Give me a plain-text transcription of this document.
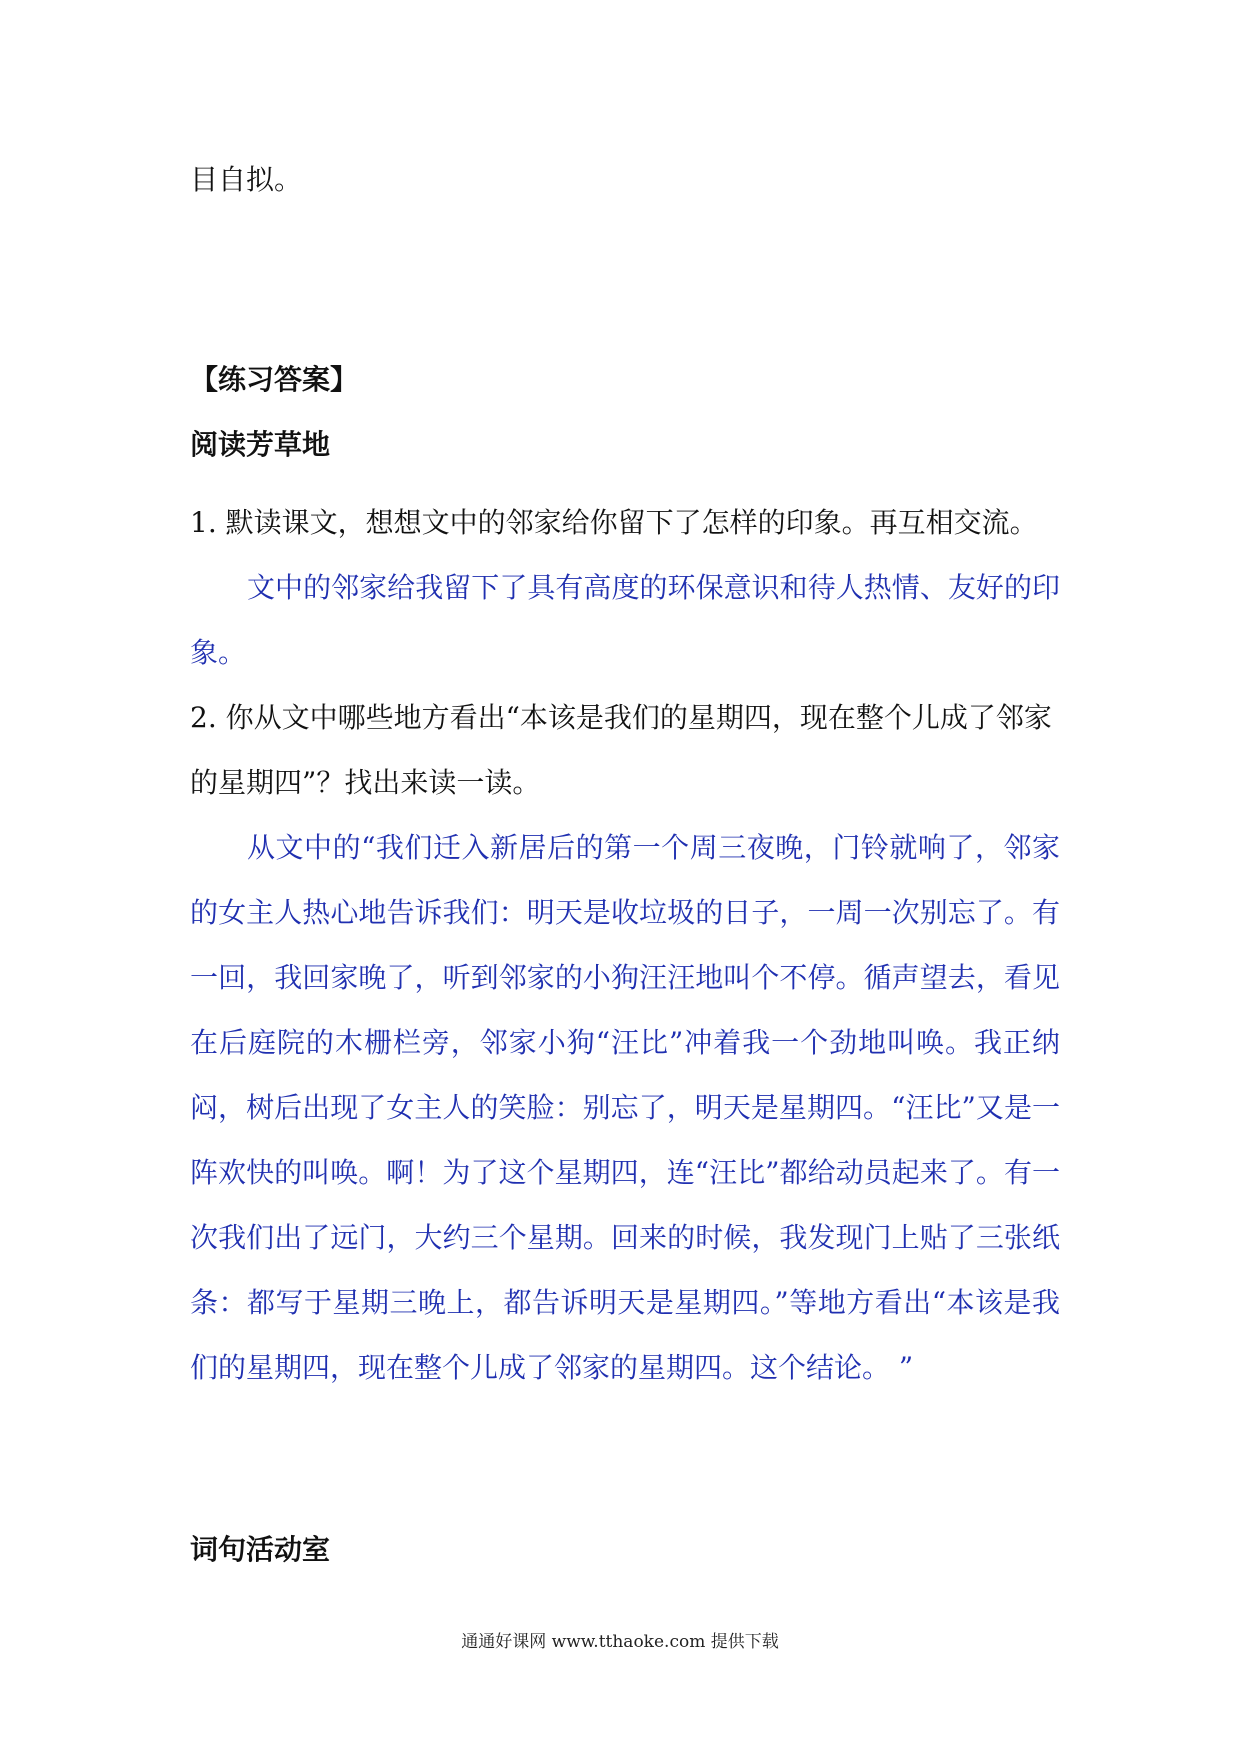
目自拟。

【练习答案】
阅读芳草地

1. 默读课文，想想文中的邻家给你留下了怎样的印象。再互相交流。

文中的邻家给我留下了具有高度的环保意识和待人热情、友好的印象。

2. 你从文中哪些地方看出“本该是我们的星期四，现在整个儿成了邻家的星期四”？找出来读一读。

从文中的“我们迁入新居后的第一个周三夜晚，门铃就响了，邻家的女主人热心地告诉我们：明天是收垃圾的日子，一周一次别忘了。有一回，我回家晚了，听到邻家的小狗汪汪地叫个不停。循声望去，看见在后庭院的木栅栏旁，邻家小狗“汪比”冲着我一个劲地叫唤。我正纳闷，树后出现了女主人的笑脸：别忘了，明天是星期四。“汪比”又是一阵欢快的叫唤。啊！为了这个星期四，连“汪比”都给动员起来了。有一次我们出了远门，大约三个星期。回来的时候，我发现门上贴了三张纸条：都写于星期三晚上，都告诉明天是星期四。”等地方看出“本该是我们的星期四，现在整个儿成了邻家的星期四。这个结论。 ”

词句活动室
通通好课网 www.tthaoke.com 提供下载
